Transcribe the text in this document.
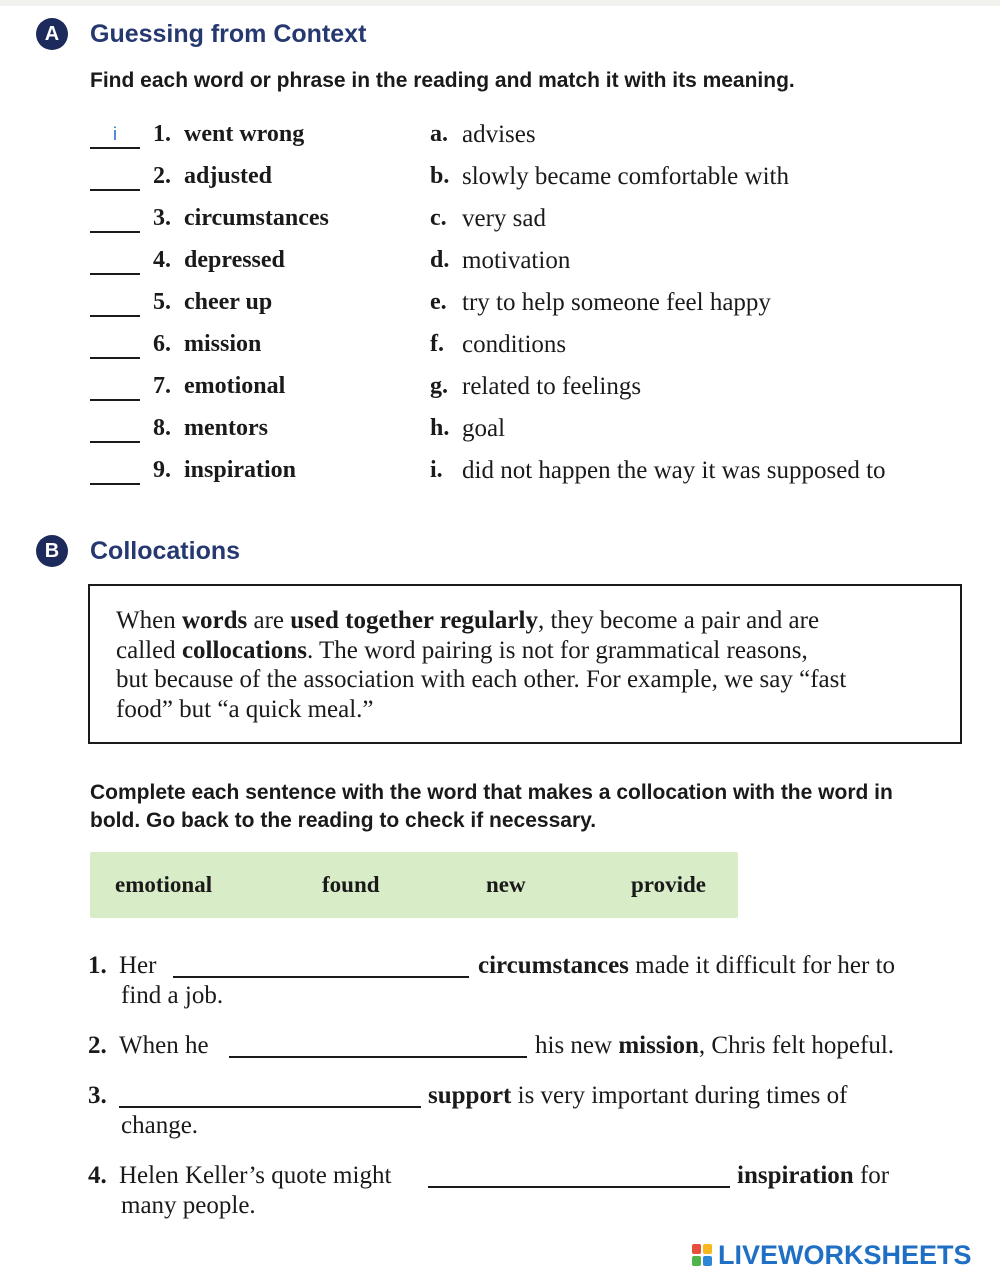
A	Guessing from Context
Find each word or phrase in the reading and match it with its meaning.
i	1. went wrong	a. advises
2. adjusted	b. slowly became comfortable with
3. circumstances	c. very sad
4. depressed	d. motivation
5. cheer up	e. try to help someone feel happy
6. mission	f. conditions
7. emotional	g. related to feelings
8. mentors	h. goal
9. inspiration	i. did not happen the way it was supposed to
B	Collocations
When words are used together regularly, they become a pair and are
called collocations. The word pairing is not for grammatical reasons,
but because of the association with each other. For example, we say “fast
food” but “a quick meal.”
Complete each sentence with the word that makes a collocation with the word in
bold. Go back to the reading to check if necessary.
emotional	found	new	provide
1. Her	circumstances made it difficult for her to
find a job.
2. When he	his new mission, Chris felt hopeful.
3.	support is very important during times of
change.
4. Helen Keller’s quote might	inspiration for
many people.
LIVEWORKSHEETS
